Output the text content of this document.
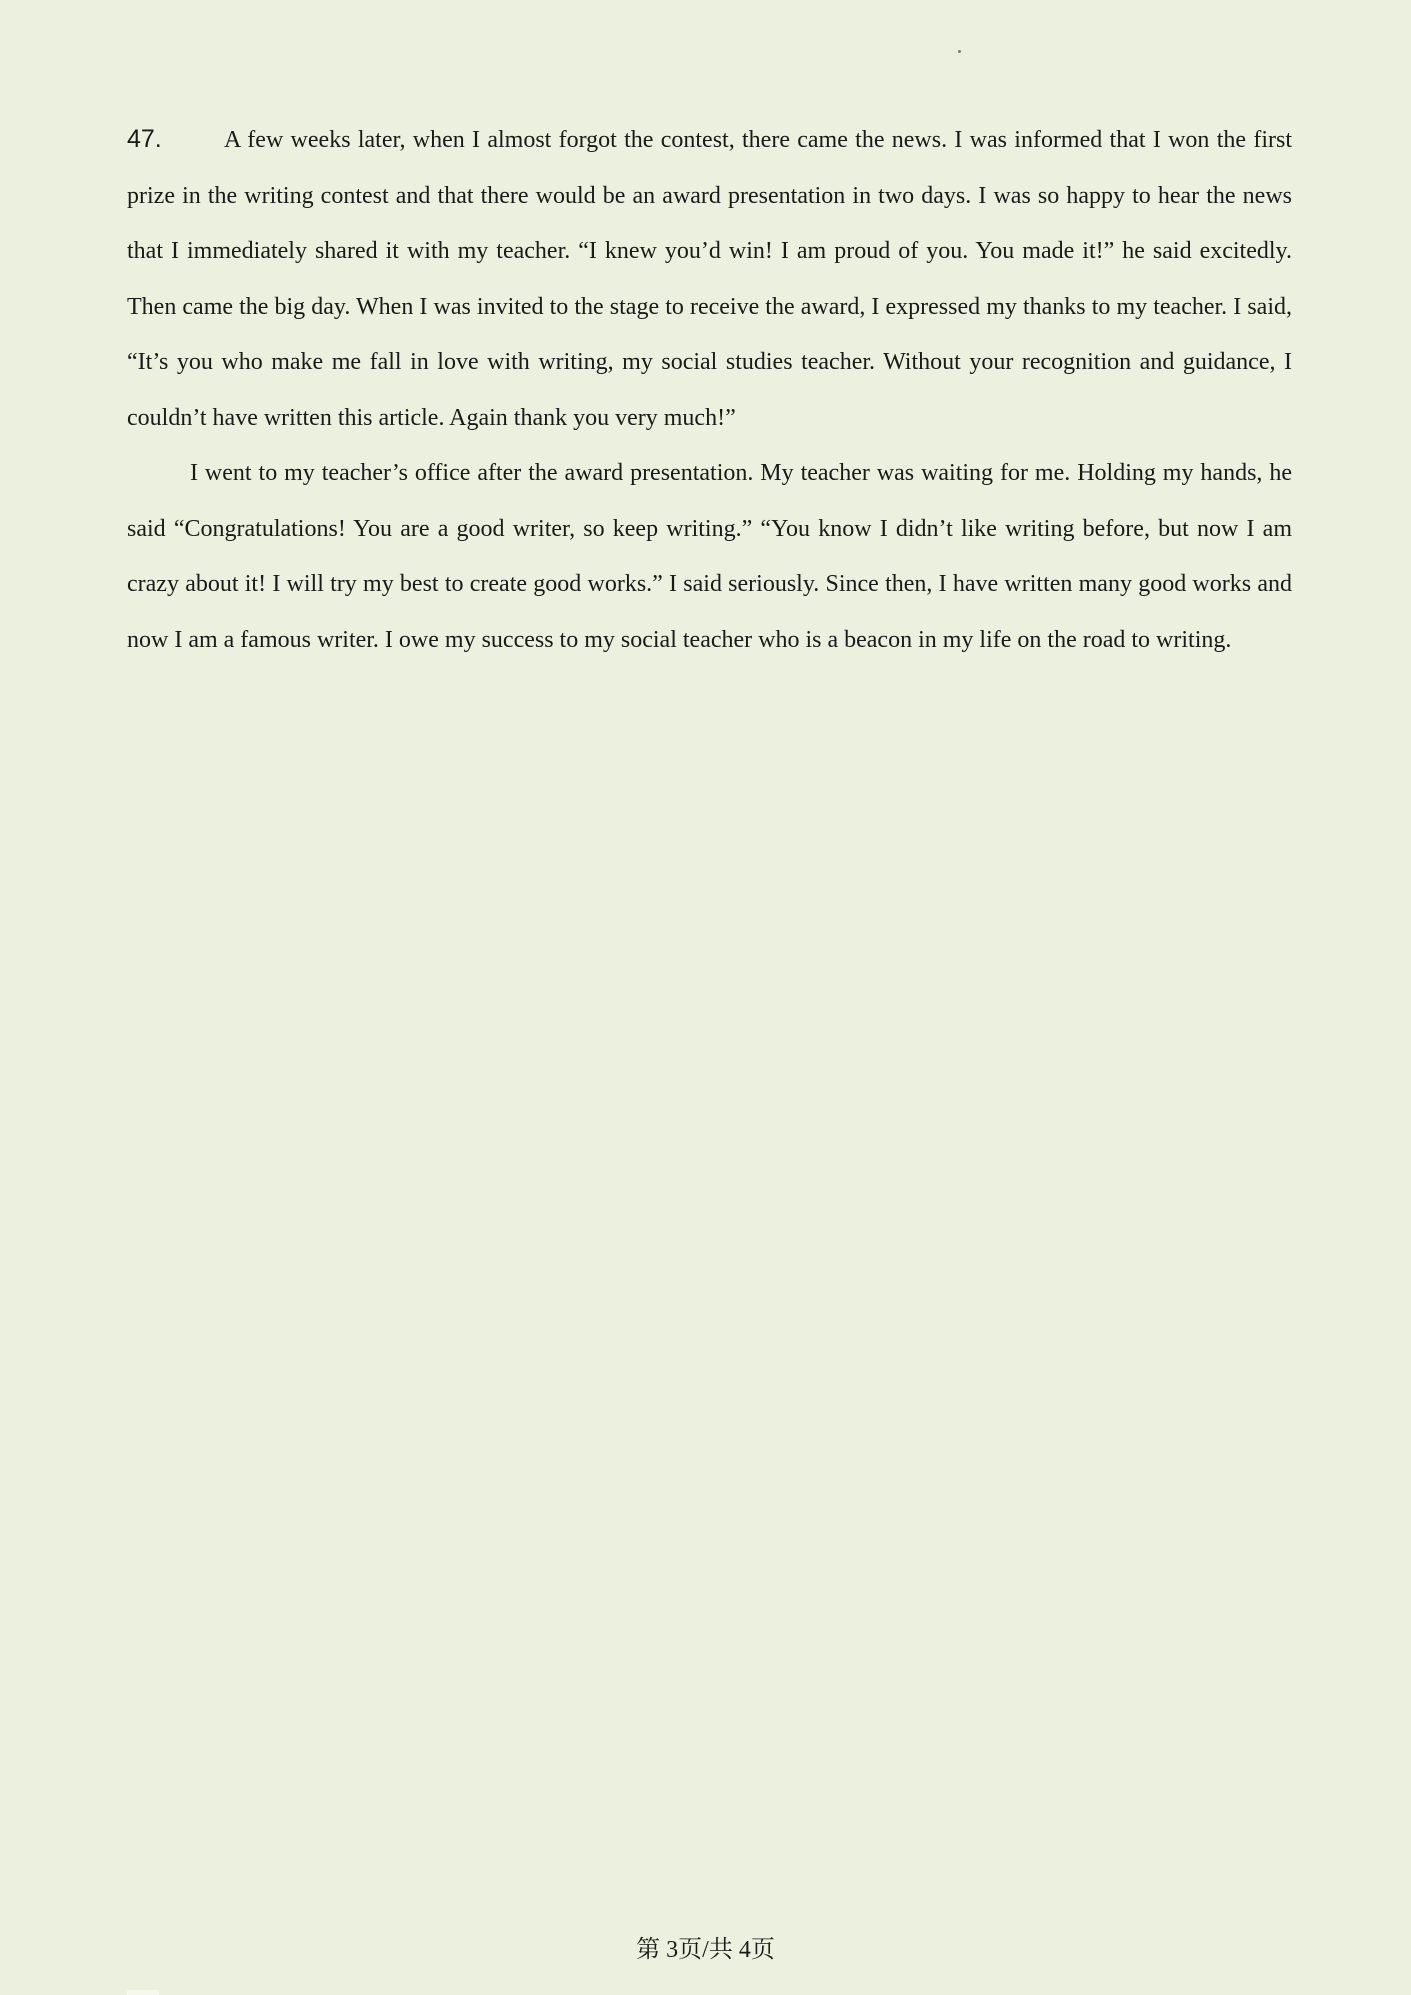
47.	A few weeks later, when I almost forgot the contest, there came the news. I was informed that I won the first prize in the writing contest and that there would be an award presentation in two days. I was so happy to hear the news that I immediately shared it with my teacher. “I knew you’d win! I am proud of you. You made it!” he said excitedly. Then came the big day. When I was invited to the stage to receive the award, I expressed my thanks to my teacher. I said, “It’s you who make me fall in love with writing, my social studies teacher. Without your recognition and guidance, I couldn’t have written this article. Again thank you very much!”

I went to my teacher’s office after the award presentation. My teacher was waiting for me. Holding my hands, he said “Congratulations! You are a good writer, so keep writing.” “You know I didn’t like writing before, but now I am crazy about it! I will try my best to create good works.” I said seriously. Since then, I have written many good works and now I am a famous writer. I owe my success to my social teacher who is a beacon in my life on the road to writing.

第 3页/共 4页
